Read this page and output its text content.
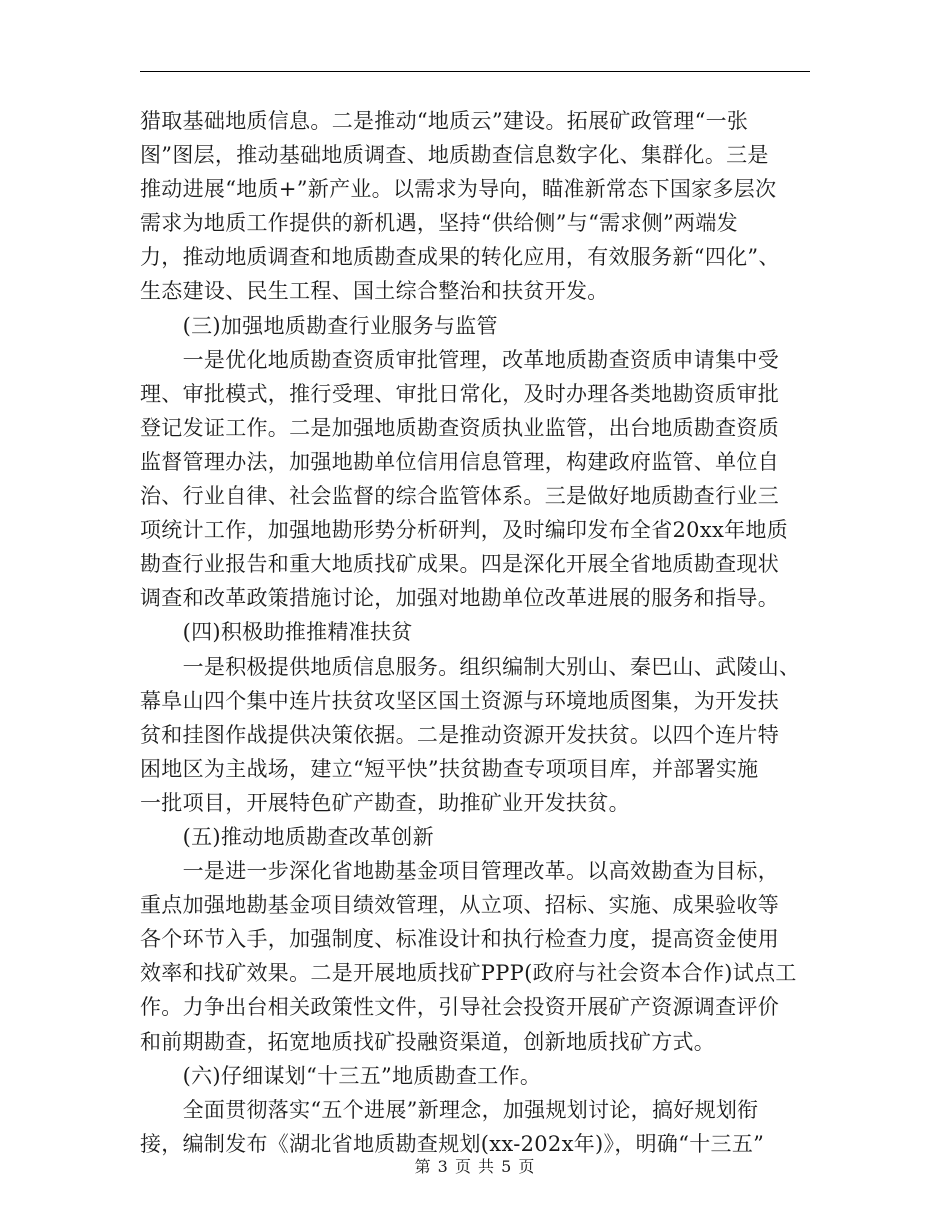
猎取基础地质信息。二是推动“地质云”建设。拓展矿政管理“一张
图”图层，推动基础地质调查、地质勘查信息数字化、集群化。三是
推动进展“地质+”新产业。以需求为导向，瞄准新常态下国家多层次
需求为地质工作提供的新机遇，坚持“供给侧”与“需求侧”两端发
力，推动地质调查和地质勘查成果的转化应用，有效服务新“四化”、
生态建设、民生工程、国土综合整治和扶贫开发。
　　(三)加强地质勘查行业服务与监管
　　一是优化地质勘查资质审批管理，改革地质勘查资质申请集中受
理、审批模式，推行受理、审批日常化，及时办理各类地勘资质审批
登记发证工作。二是加强地质勘查资质执业监管，出台地质勘查资质
监督管理办法，加强地勘单位信用信息管理，构建政府监管、单位自
治、行业自律、社会监督的综合监管体系。三是做好地质勘查行业三
项统计工作，加强地勘形势分析研判，及时编印发布全省20xx年地质
勘查行业报告和重大地质找矿成果。四是深化开展全省地质勘查现状
调查和改革政策措施讨论，加强对地勘单位改革进展的服务和指导。
　　(四)积极助推推精准扶贫
　　一是积极提供地质信息服务。组织编制大别山、秦巴山、武陵山、
幕阜山四个集中连片扶贫攻坚区国土资源与环境地质图集，为开发扶
贫和挂图作战提供决策依据。二是推动资源开发扶贫。以四个连片特
困地区为主战场，建立“短平快”扶贫勘查专项项目库，并部署实施
一批项目，开展特色矿产勘查，助推矿业开发扶贫。
　　(五)推动地质勘查改革创新
　　一是进一步深化省地勘基金项目管理改革。以高效勘查为目标，
重点加强地勘基金项目绩效管理，从立项、招标、实施、成果验收等
各个环节入手，加强制度、标准设计和执行检查力度，提高资金使用
效率和找矿效果。二是开展地质找矿PPP(政府与社会资本合作)试点工
作。力争出台相关政策性文件，引导社会投资开展矿产资源调查评价
和前期勘查，拓宽地质找矿投融资渠道，创新地质找矿方式。
　　(六)仔细谋划“十三五”地质勘查工作。
　　全面贯彻落实“五个进展”新理念，加强规划讨论，搞好规划衔
接，编制发布《湖北省地质勘查规划(xx-202x年)》，明确“十三五”
第 3 页 共 5 页
